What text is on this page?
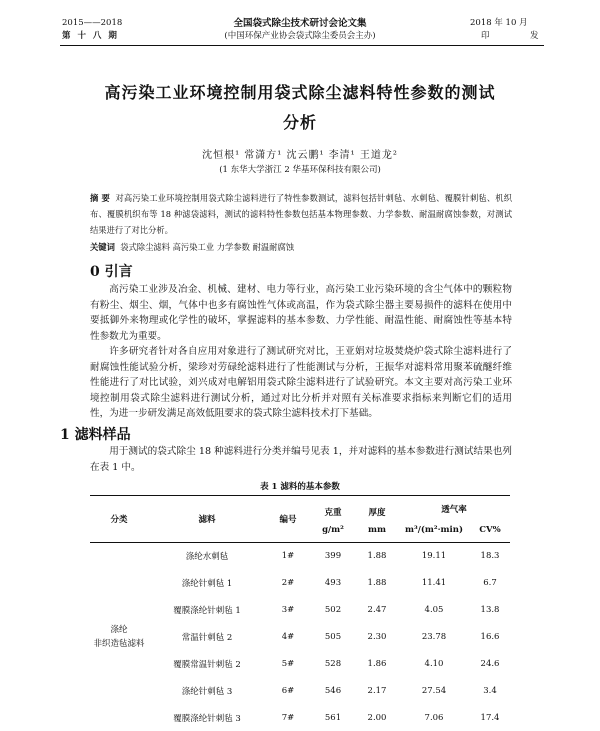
2015——2018
第 十 八 期
全国袋式除尘技术研讨会论文集
(中国环保产业协会袋式除尘委员会主办)
2018 年 10 月
印	发
高污染工业环境控制用袋式除尘滤料特性参数的测试
分析
沈恒根¹ 常潇方¹ 沈云鹏¹ 李清¹ 王道龙²
(1 东华大学浙江 2 华基环保科技有限公司)
摘 要 对高污染工业环境控制用袋式除尘滤料进行了特性参数测试，滤料包括针刺毡、水刺毡、覆膜针刺毡、机织布、覆膜机织布等 18 种滤袋滤料，测试的滤料特性参数包括基本物理参数、力学参数、耐温耐腐蚀参数，对测试结果进行了对比分析。
关键词 袋式除尘滤料 高污染工业 力学参数 耐温耐腐蚀
0 引言
高污染工业涉及冶金、机械、建材、电力等行业，高污染工业污染环境的含尘气体中的颗粒物有粉尘、烟尘、烟，气体中也多有腐蚀性气体或高温，作为袋式除尘器主要易损件的滤料在使用中要抵御外来物理或化学性的破坏，掌握滤料的基本参数、力学性能、耐温性能、耐腐蚀性等基本特性参数尤为重要。
许多研究者针对各自应用对象进行了测试研究对比，王亚娟对垃圾焚烧炉袋式除尘滤料进行了耐腐蚀性能试验分析，梁珍对劳碌纶滤料进行了性能测试与分析，王振华对滤料常用聚苯硫醚纤维性能进行了对比试验，刘兴成对电解铝用袋式除尘滤料进行了试验研究。本文主要对高污染工业环境控制用袋式除尘滤料进行测试分析，通过对比分析并对照有关标准要求指标来判断它们的适用性，为进一步研发满足高效低阻要求的袋式除尘滤料技术打下基础。
1 滤料样品
用于测试的袋式除尘 18 种滤料进行分类并编号见表 1，并对滤料的基本参数进行测试结果也列在表 1 中。
表 1 滤料的基本参数
分类	滤料	编号	克重	厚度	透气率	
			g/m²	mm	m³/(m²·min)	CV%

涤纶
非织造毡滤料	涤纶水刺毡	1#	399	1.88	19.11	18.3
	涤纶针刺毡 1	2#	493	1.88	11.41	6.7
	覆膜涤纶针刺毡 1	3#	502	2.47	4.05	13.8
	常温针刺毡 2	4#	505	2.30	23.78	16.6
	覆膜常温针刺毡 2	5#	528	1.86	4.10	24.6
	涤纶针刺毡 3	6#	546	2.17	27.54	3.4
	覆膜涤纶针刺毡 3	7#	561	2.00	7.06	17.4
